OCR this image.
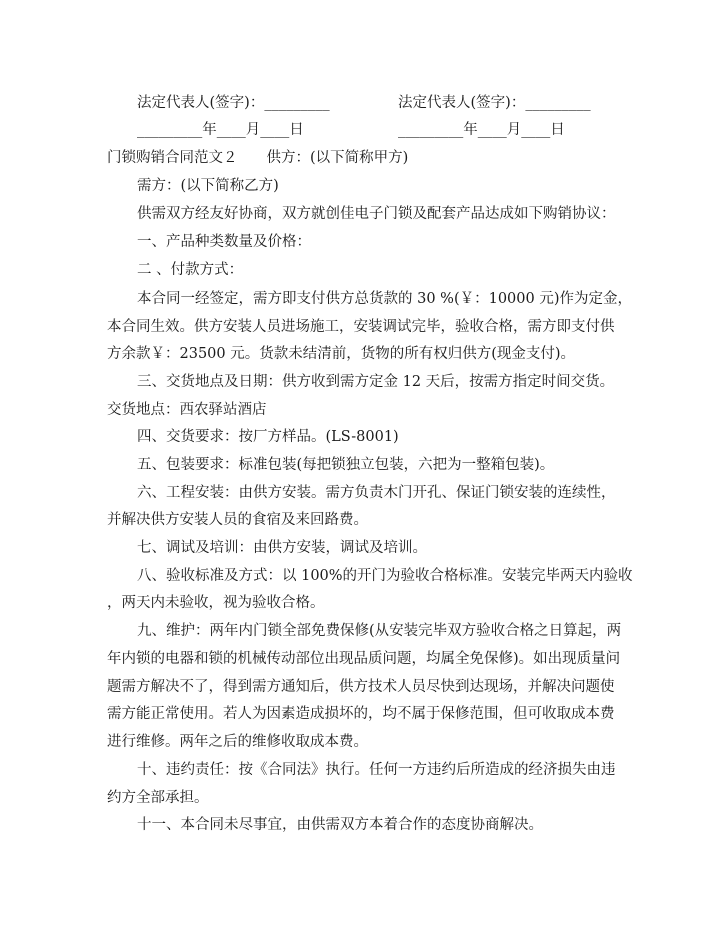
法定代表人(签字)：_________	法定代表人(签字)：_________
_________年____月____日	_________年____月____日
门锁购销合同范文２　　供方：(以下简称甲方)
需方：(以下简称乙方)
供需双方经友好协商，双方就创佳电子门锁及配套产品达成如下购销协议：
一、产品种类数量及价格：
二 、付款方式：
本合同一经签定，需方即支付供方总货款的 30 %(￥：10000 元)作为定金，
本合同生效。供方安装人员进场施工，安装调试完毕，验收合格，需方即支付供
方余款￥：23500 元。货款未结清前，货物的所有权归供方(现金支付)。
三、交货地点及日期：供方收到需方定金 12 天后，按需方指定时间交货。
交货地点：西农驿站酒店
四、交货要求：按厂方样品。(LS-8001)
五、包装要求：标准包装(每把锁独立包装，六把为一整箱包装)。
六、工程安装：由供方安装。需方负责木门开孔、保证门锁安装的连续性，
并解决供方安装人员的食宿及来回路费。
七、调试及培训：由供方安装，调试及培训。
八、验收标准及方式：以 100%的开门为验收合格标准。安装完毕两天内验收
，两天内未验收，视为验收合格。
九、维护：两年内门锁全部免费保修(从安装完毕双方验收合格之日算起，两
年内锁的电器和锁的机械传动部位出现品质问题，均属全免保修)。如出现质量问
题需方解决不了，得到需方通知后，供方技术人员尽快到达现场，并解决问题使
需方能正常使用。若人为因素造成损坏的，均不属于保修范围，但可收取成本费
进行维修。两年之后的维修收取成本费。
十、违约责任：按《合同法》执行。任何一方违约后所造成的经济损失由违
约方全部承担。
十一、本合同未尽事宜，由供需双方本着合作的态度协商解决。
